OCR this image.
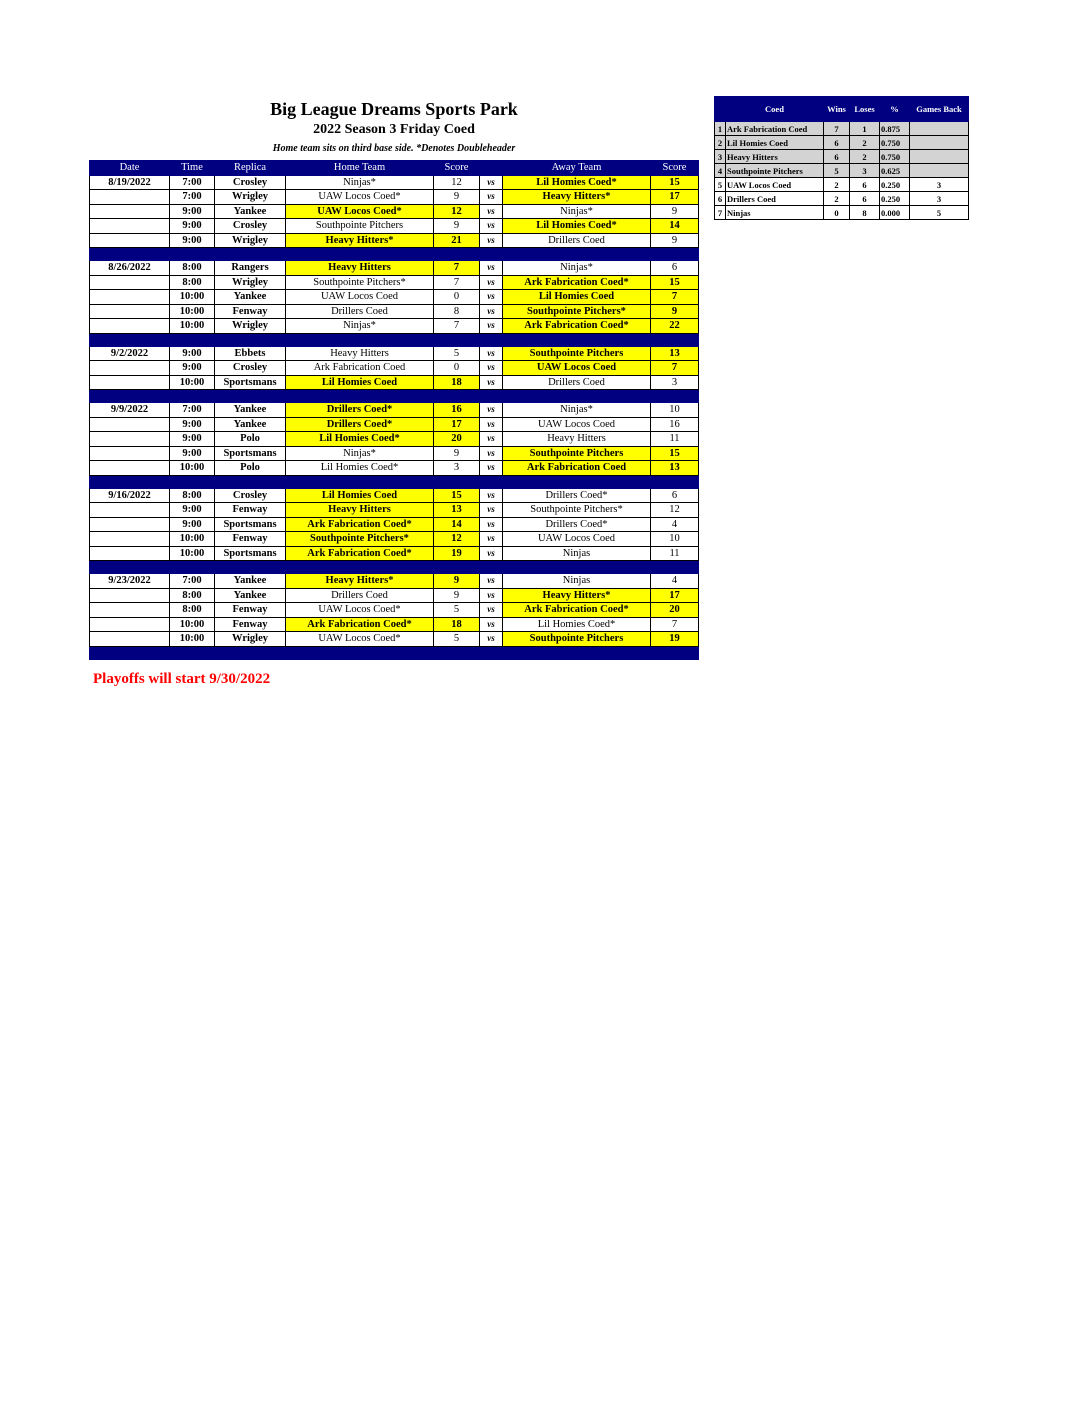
Big League Dreams Sports Park
2022 Season 3 Friday Coed
Home team sits on third base side. *Denotes Doubleheader
Date	Time	Replica	Home Team	Score		Away Team	Score
8/19/2022	7:00	Crosley	Ninjas*	12	vs	Lil Homies Coed*	15
	7:00	Wrigley	UAW Locos Coed*	9	vs	Heavy Hitters*	17
	9:00	Yankee	UAW Locos Coed*	12	vs	Ninjas*	9
	9:00	Crosley	Southpointe Pitchers	9	vs	Lil Homies Coed*	14
	9:00	Wrigley	Heavy Hitters*	21	vs	Drillers Coed	9

8/26/2022	8:00	Rangers	Heavy Hitters	7	vs	Ninjas*	6
	8:00	Wrigley	Southpointe Pitchers*	7	vs	Ark Fabrication Coed*	15
	10:00	Yankee	UAW Locos Coed	0	vs	Lil Homies Coed	7
	10:00	Fenway	Drillers Coed	8	vs	Southpointe Pitchers*	9
	10:00	Wrigley	Ninjas*	7	vs	Ark Fabrication Coed*	22

9/2/2022	9:00	Ebbets	Heavy Hitters	5	vs	Southpointe Pitchers	13
	9:00	Crosley	Ark Fabrication Coed	0	vs	UAW Locos Coed	7
	10:00	Sportsmans	Lil Homies Coed	18	vs	Drillers Coed	3

9/9/2022	7:00	Yankee	Drillers Coed*	16	vs	Ninjas*	10
	9:00	Yankee	Drillers Coed*	17	vs	UAW Locos Coed	16
	9:00	Polo	Lil Homies Coed*	20	vs	Heavy Hitters	11
	9:00	Sportsmans	Ninjas*	9	vs	Southpointe Pitchers	15
	10:00	Polo	Lil Homies Coed*	3	vs	Ark Fabrication Coed	13

9/16/2022	8:00	Crosley	Lil Homies Coed	15	vs	Drillers Coed*	6
	9:00	Fenway	Heavy Hitters	13	vs	Southpointe Pitchers*	12
	9:00	Sportsmans	Ark Fabrication Coed*	14	vs	Drillers Coed*	4
	10:00	Fenway	Southpointe Pitchers*	12	vs	UAW Locos Coed	10
	10:00	Sportsmans	Ark Fabrication Coed*	19	vs	Ninjas	11

9/23/2022	7:00	Yankee	Heavy Hitters*	9	vs	Ninjas	4
	8:00	Yankee	Drillers Coed	9	vs	Heavy Hitters*	17
	8:00	Fenway	UAW Locos Coed*	5	vs	Ark Fabrication Coed*	20
	10:00	Fenway	Ark Fabrication Coed*	18	vs	Lil Homies Coed*	7
	10:00	Wrigley	UAW Locos Coed*	5	vs	Southpointe Pitchers	19

Playoffs will start 9/30/2022
	Coed	Wins	Loses	%	Games Back
1	Ark Fabrication Coed	7	1	0.875	
2	Lil Homies Coed	6	2	0.750	
3	Heavy Hitters	6	2	0.750	
4	Southpointe Pitchers	5	3	0.625	
5	UAW Locos Coed	2	6	0.250	3
6	Drillers Coed	2	6	0.250	3
7	Ninjas	0	8	0.000	5
